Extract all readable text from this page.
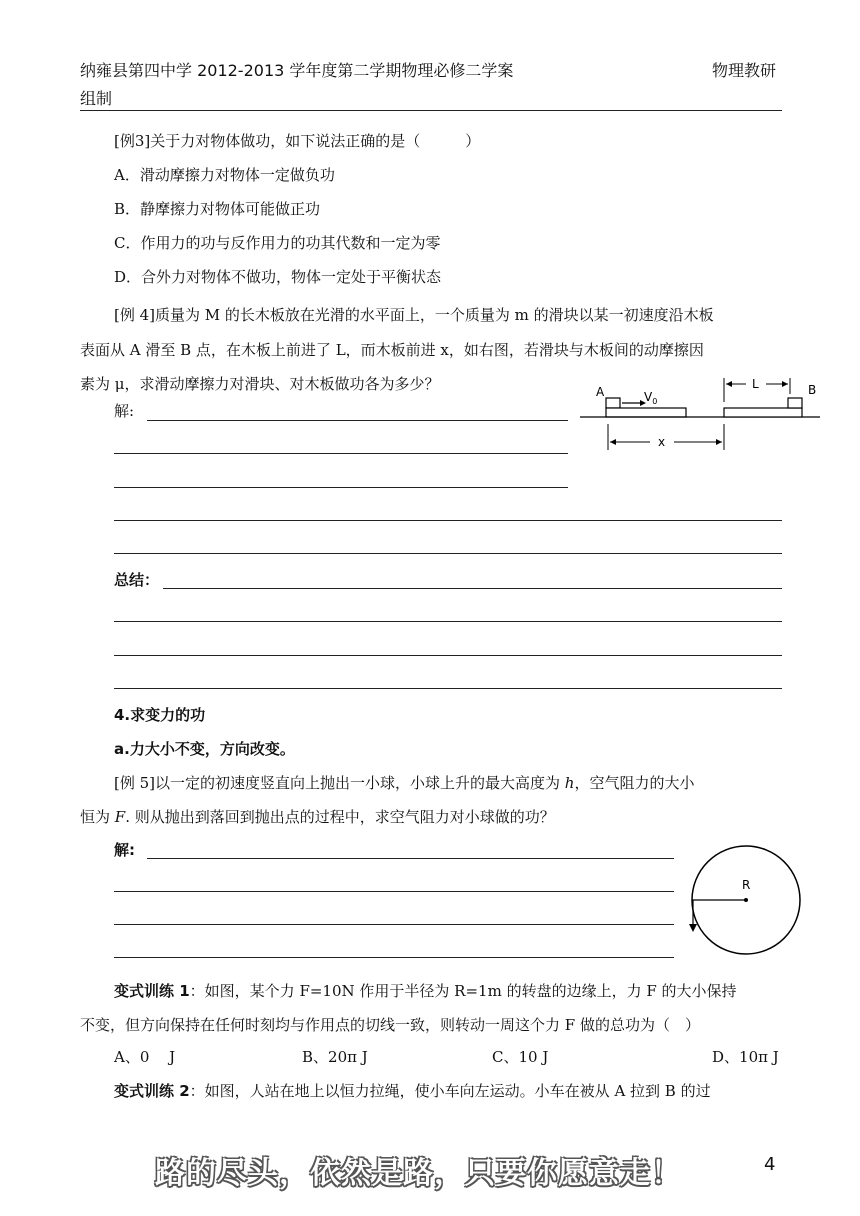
纳雍县第四中学 2012-2013 学年度第二学期物理必修二学案	物理教研
组制
[例3]关于力对物体做功，如下说法正确的是（　　　）
A．滑动摩擦力对物体一定做负功
B．静摩擦力对物体可能做正功
C．作用力的功与反作用力的功其代数和一定为零
D．合外力对物体不做功，物体一定处于平衡状态
[例 4]质量为 M 的长木板放在光滑的水平面上，一个质量为 m 的滑块以某一初速度沿木板
表面从 A 滑至 B 点，在木板上前进了 L，而木板前进 x，如右图，若滑块与木板间的动摩擦因
素为 μ，求滑动摩擦力对滑块、对木板做功各为多少？
解:
A	$V_0$
B
L
x
总结：
4.求变力的功
a.力大小不变，方向改变。
[例 5]以一定的初速度竖直向上抛出一小球，小球上升的最大高度为 h，空气阻力的大小
恒为 F. 则从抛出到落回到抛出点的过程中，求空气阻力对小球做的功？
解:
R
变式训练 1：如图，某个力 F=10N 作用于半径为 R=1m 的转盘的边缘上，力 F 的大小保持
不变，但方向保持在任何时刻均与作用点的切线一致，则转动一周这个力 F 做的总功为（　）
A、0　 J	B、20π J	C、10 J	D、10π J
变式训练 2：如图，人站在地上以恒力拉绳，使小车向左运动。小车在被从 A 拉到 B 的过
路的尽头，依然是路，只要你愿意走！	4
